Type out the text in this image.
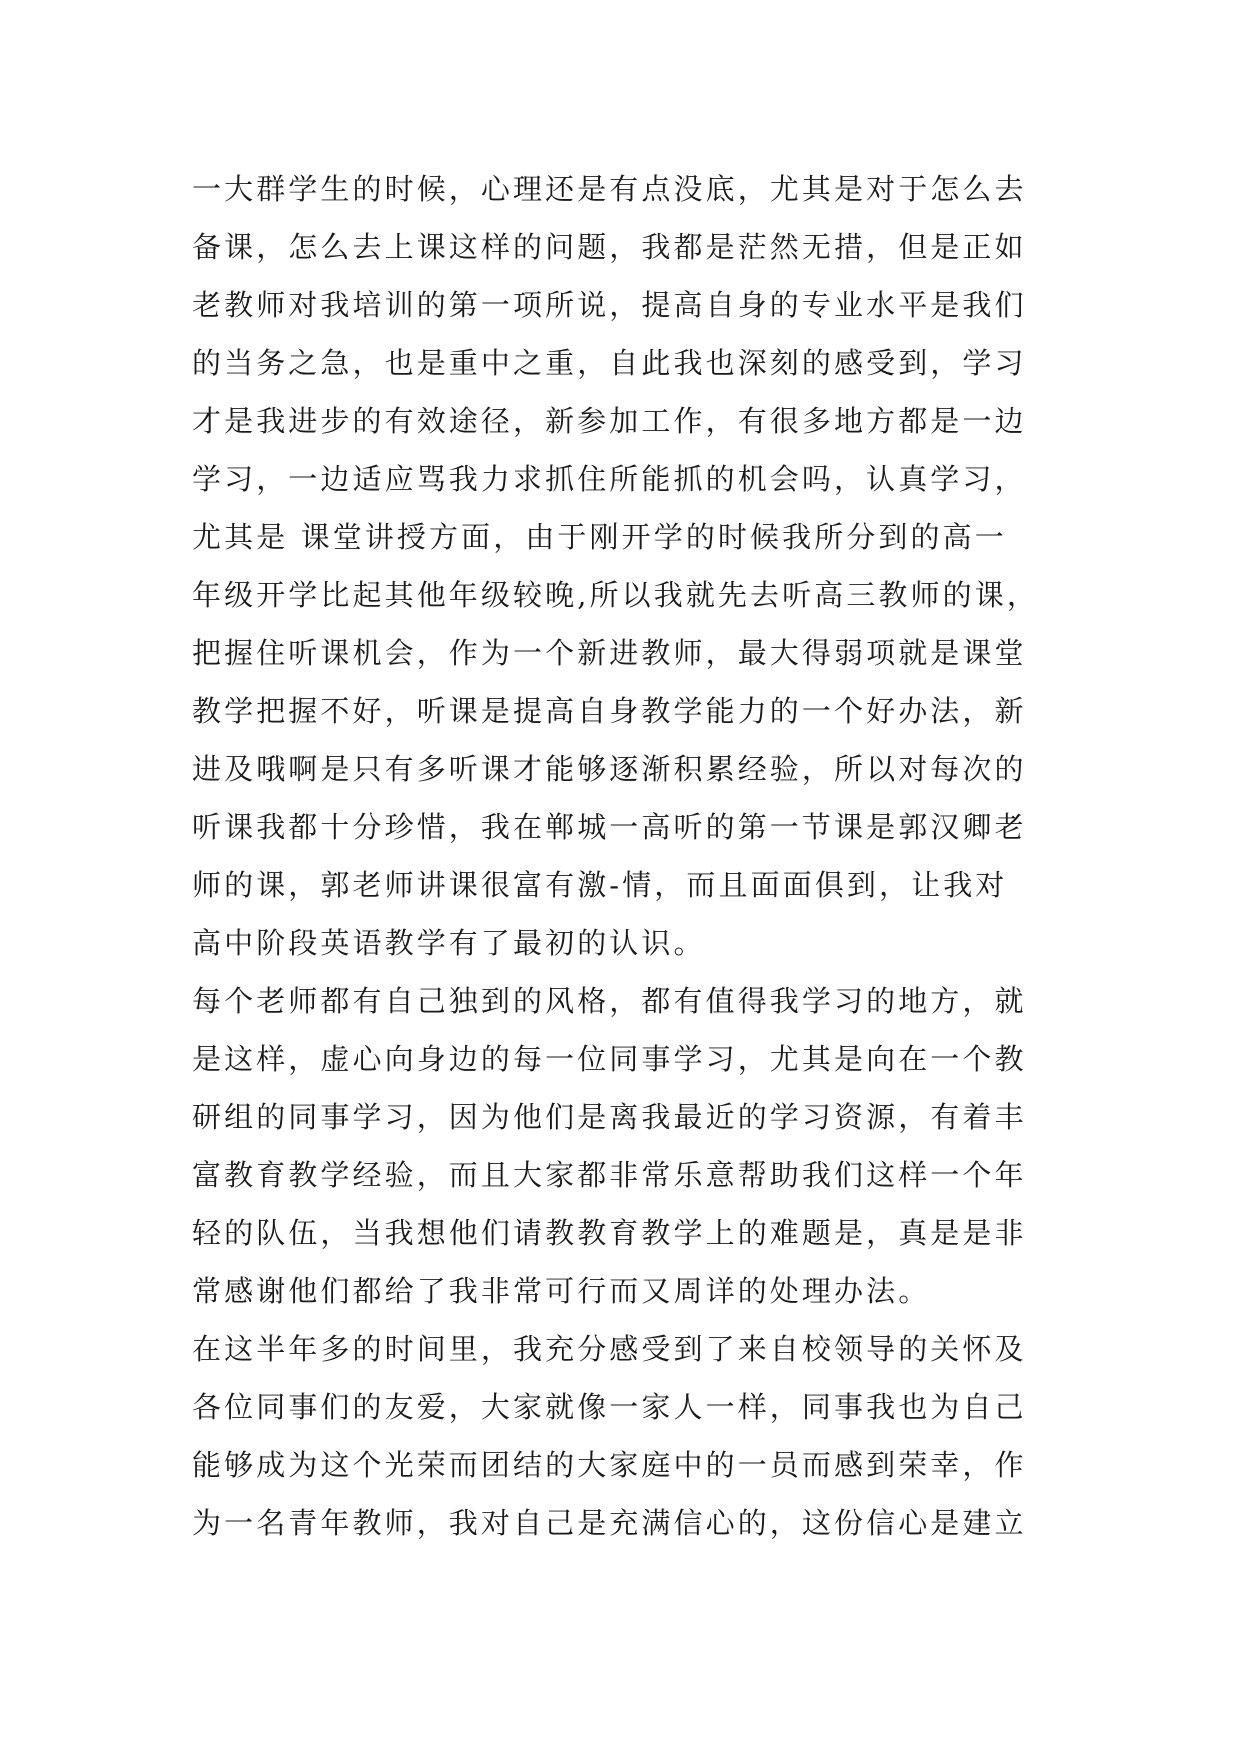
一大群学生的时候，心理还是有点没底，尤其是对于怎么去
备课，怎么去上课这样的问题，我都是茫然无措，但是正如
老教师对我培训的第一项所说，提高自身的专业水平是我们
的当务之急，也是重中之重，自此我也深刻的感受到，学习
才是我进步的有效途径，新参加工作，有很多地方都是一边
学习，一边适应骂我力求抓住所能抓的机会吗，认真学习，
尤其是 课堂讲授方面，由于刚开学的时候我所分到的高一
年级开学比起其他年级较晚,所以我就先去听高三教师的课，
把握住听课机会，作为一个新进教师，最大得弱项就是课堂
教学把握不好，听课是提高自身教学能力的一个好办法，新
进及哦啊是只有多听课才能够逐渐积累经验，所以对每次的
听课我都十分珍惜，我在郸城一高听的第一节课是郭汉卿老
师的课，郭老师讲课很富有激-情，而且面面俱到，让我对
高中阶段英语教学有了最初的认识。
每个老师都有自己独到的风格，都有值得我学习的地方，就
是这样，虚心向身边的每一位同事学习，尤其是向在一个教
研组的同事学习，因为他们是离我最近的学习资源，有着丰
富教育教学经验，而且大家都非常乐意帮助我们这样一个年
轻的队伍，当我想他们请教教育教学上的难题是，真是是非
常感谢他们都给了我非常可行而又周详的处理办法。
在这半年多的时间里，我充分感受到了来自校领导的关怀及
各位同事们的友爱，大家就像一家人一样，同事我也为自己
能够成为这个光荣而团结的大家庭中的一员而感到荣幸，作
为一名青年教师，我对自己是充满信心的，这份信心是建立
